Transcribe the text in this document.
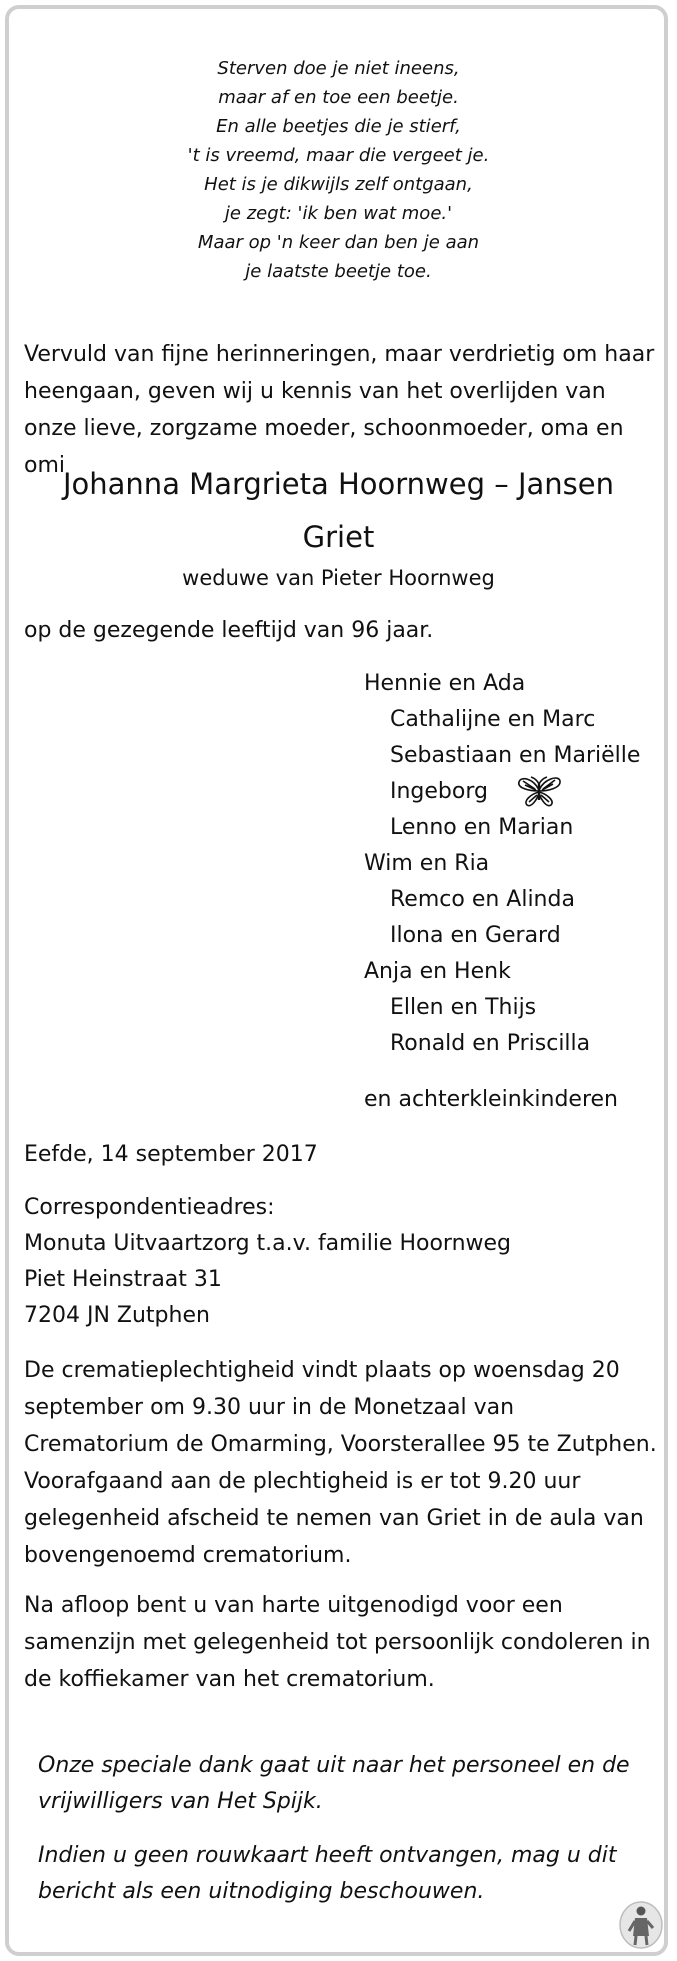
Sterven doe je niet ineens,
maar af en toe een beetje.
En alle beetjes die je stierf,
't is vreemd, maar die vergeet je.
Het is je dikwijls zelf ontgaan,
je zegt: 'ik ben wat moe.'
Maar op 'n keer dan ben je aan
je laatste beetje toe.
Vervuld van fijne herinneringen, maar verdrietig om haar heengaan, geven wij u kennis van het overlijden van onze lieve, zorgzame moeder, schoonmoeder, oma en omi
Johanna Margrieta Hoornweg – Jansen
Griet
weduwe van Pieter Hoornweg
op de gezegende leeftijd van 96 jaar.
Hennie en Ada
Cathalijne en Marc
Sebastiaan en Mariëlle
Ingeborg
Lenno en Marian
Wim en Ria
Remco en Alinda
Ilona en Gerard
Anja en Henk
Ellen en Thijs
Ronald en Priscilla
en achterkleinkinderen
Eefde, 14 september 2017
Correspondentieadres:
Monuta Uitvaartzorg t.a.v. familie Hoornweg
Piet Heinstraat 31
7204 JN Zutphen
De crematieplechtigheid vindt plaats op woensdag 20 september om 9.30 uur in de Monetzaal van Crematorium de Omarming, Voorsterallee 95 te Zutphen. Voorafgaand aan de plechtigheid is er tot 9.20 uur gelegenheid afscheid te nemen van Griet in de aula van bovengenoemd crematorium.
Na afloop bent u van harte uitgenodigd voor een samenzijn met gelegenheid tot persoonlijk condoleren in de koffiekamer van het crematorium.
Onze speciale dank gaat uit naar het personeel en de vrijwilligers van Het Spijk.
Indien u geen rouwkaart heeft ontvangen, mag u dit bericht als een uitnodiging beschouwen.
